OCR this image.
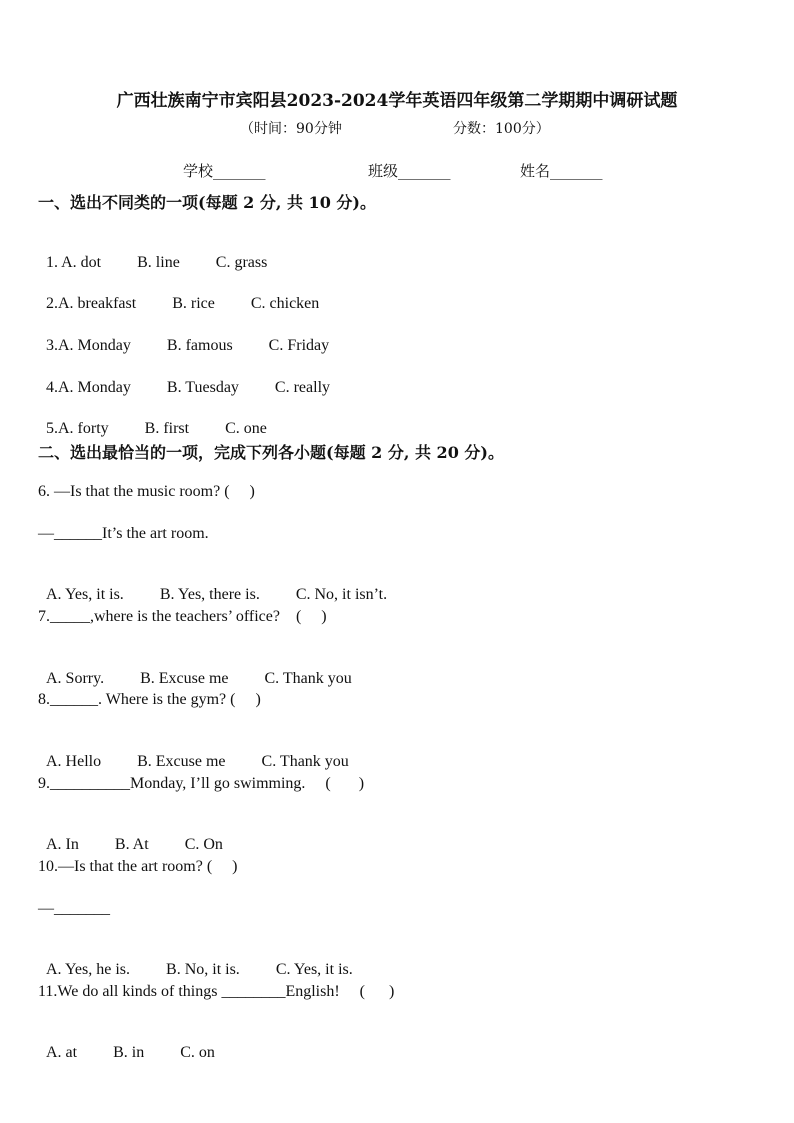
广西壮族南宁市宾阳县2023-2024学年英语四年级第二学期期中调研试题
（时间：90分钟	分数：100分）
学校_______	班级_______	姓名_______
一、选出不同类的一项(每题 2 分, 共 10 分)。

1. A. dot B. line C. grass

2.A. breakfast B. rice C. chicken

3.A. Monday B. famous C. Friday

4.A. Monday B. Tuesday C. really

5.A. forty B. first C. one

二、选出最恰当的一项，完成下列各小题(每题 2 分, 共 20 分)。
6. —Is that the music room? (     )
—______It’s the art room.

A. Yes, it is. B. Yes, there is. C. No, it isn’t.

7._____,where is the teachers’ office?    (     )

A. Sorry. B. Excuse me C. Thank you

8.______. Where is the gym? (     )

A. Hello B. Excuse me C. Thank you

9.__________Monday, I’ll go swimming.     (       )

A. In B. At C. On

10.—Is that the art room? (     )
—_______

A. Yes, he is. B. No, it is. C. Yes, it is.

11.We do all kinds of things ________English!     (      )

A. at B. in C. on
